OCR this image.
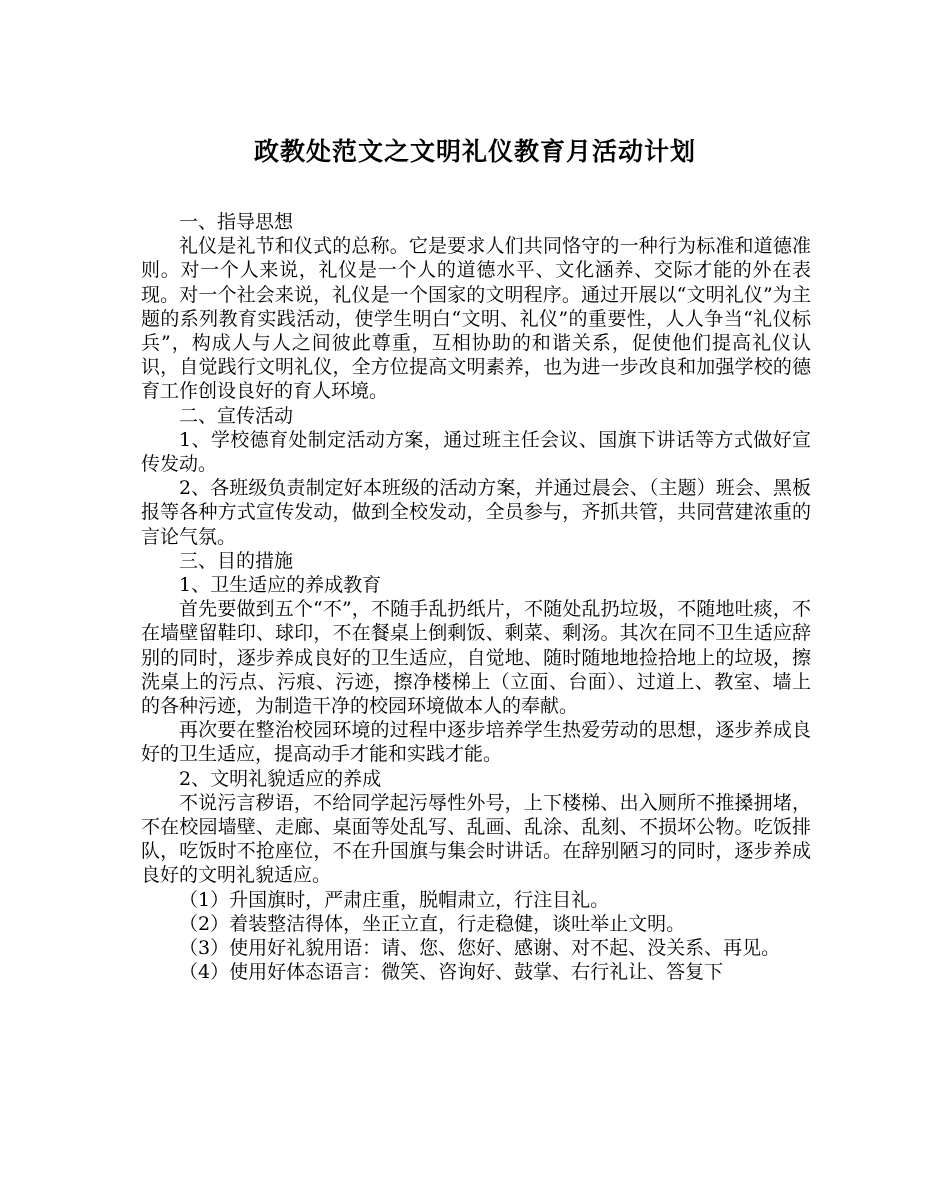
政教处范文之文明礼仪教育月活动计划

一、指导思想

礼仪是礼节和仪式的总称。它是要求人们共同恪守的一种行为标准和道德准则。对一个人来说，礼仪是一个人的道德水平、文化涵养、交际才能的外在表现。对一个社会来说，礼仪是一个国家的文明程序。通过开展以“文明礼仪”为主题的系列教育实践活动，使学生明白“文明、礼仪”的重要性，人人争当“礼仪标兵”，构成人与人之间彼此尊重，互相协助的和谐关系，促使他们提高礼仪认识，自觉践行文明礼仪，全方位提高文明素养，也为进一步改良和加强学校的德育工作创设良好的育人环境。

二、宣传活动

1、学校德育处制定活动方案，通过班主任会议、国旗下讲话等方式做好宣传发动。

2、各班级负责制定好本班级的活动方案，并通过晨会、（主题）班会、黑板报等各种方式宣传发动，做到全校发动，全员参与，齐抓共管，共同营建浓重的言论气氛。

三、目的措施

1、卫生适应的养成教育

首先要做到五个“不”，不随手乱扔纸片，不随处乱扔垃圾，不随地吐痰，不在墙壁留鞋印、球印，不在餐桌上倒剩饭、剩菜、剩汤。其次在同不卫生适应辞别的同时，逐步养成良好的卫生适应，自觉地、随时随地地捡拾地上的垃圾，擦洗桌上的污点、污痕、污迹，擦净楼梯上（立面、台面）、过道上、教室、墙上的各种污迹，为制造干净的校园环境做本人的奉献。

再次要在整治校园环境的过程中逐步培养学生热爱劳动的思想，逐步养成良好的卫生适应，提高动手才能和实践才能。

2、文明礼貌适应的养成

不说污言秽语，不给同学起污辱性外号，上下楼梯、出入厕所不推搡拥堵，不在校园墙壁、走廊、桌面等处乱写、乱画、乱涂、乱刻、不损坏公物。吃饭排队，吃饭时不抢座位，不在升国旗与集会时讲话。在辞别陋习的同时，逐步养成良好的文明礼貌适应。

（1）升国旗时，严肃庄重，脱帽肃立，行注目礼。

（2）着装整洁得体，坐正立直，行走稳健，谈吐举止文明。

（3）使用好礼貌用语：请、您、您好、感谢、对不起、没关系、再见。

（4）使用好体态语言：微笑、咨询好、鼓掌、右行礼让、答复下
